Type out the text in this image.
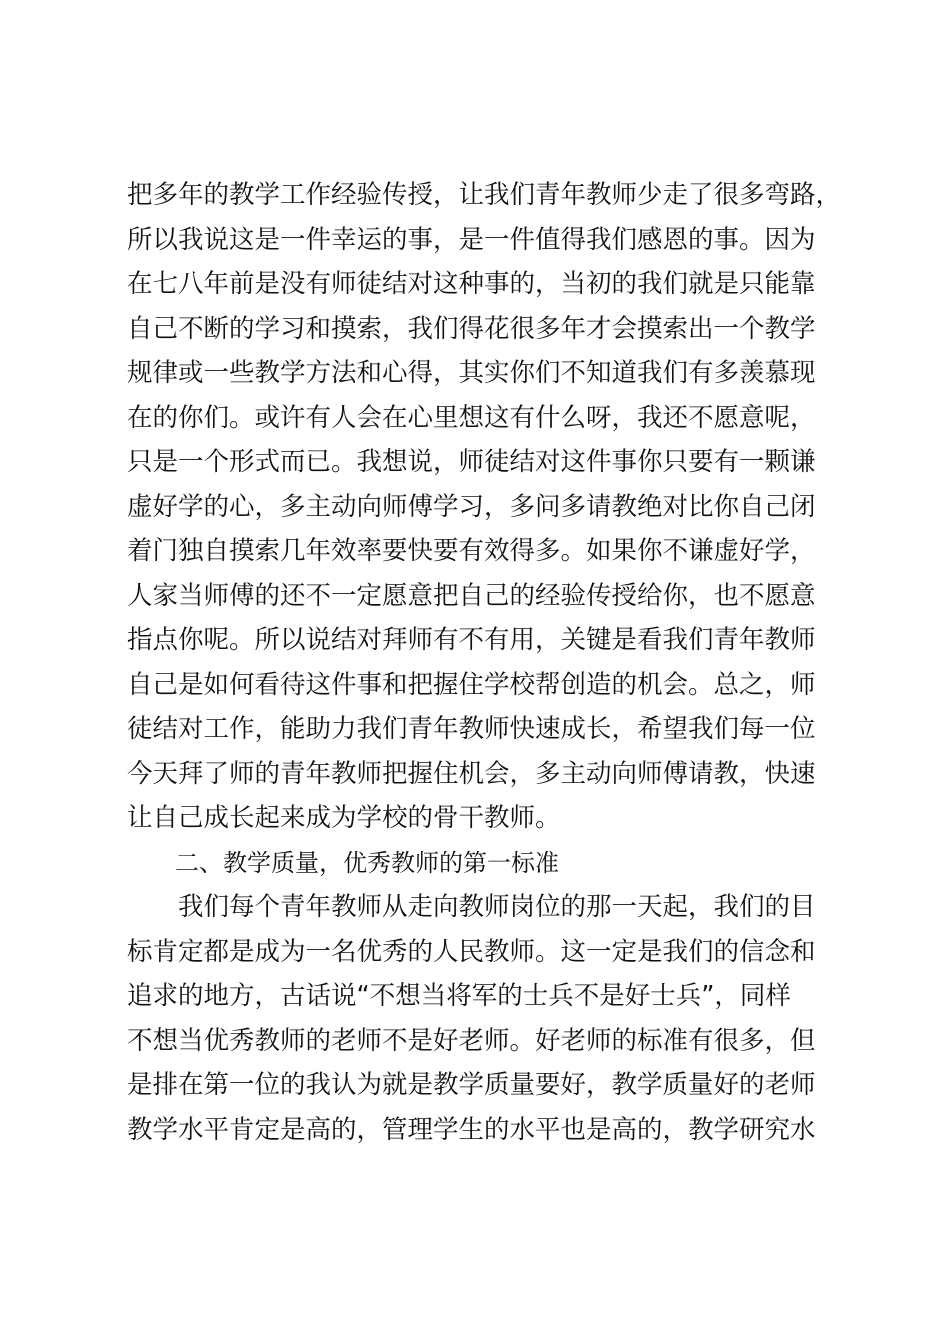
把多年的教学工作经验传授，让我们青年教师少走了很多弯路，
所以我说这是一件幸运的事，是一件值得我们感恩的事。因为
在七八年前是没有师徒结对这种事的，当初的我们就是只能靠
自己不断的学习和摸索，我们得花很多年才会摸索出一个教学
规律或一些教学方法和心得，其实你们不知道我们有多羡慕现
在的你们。或许有人会在心里想这有什么呀，我还不愿意呢，
只是一个形式而已。我想说，师徒结对这件事你只要有一颗谦
虚好学的心，多主动向师傅学习，多问多请教绝对比你自己闭
着门独自摸索几年效率要快要有效得多。如果你不谦虚好学，
人家当师傅的还不一定愿意把自己的经验传授给你，也不愿意
指点你呢。所以说结对拜师有不有用，关键是看我们青年教师
自己是如何看待这件事和把握住学校帮创造的机会。总之，师
徒结对工作，能助力我们青年教师快速成长，希望我们每一位
今天拜了师的青年教师把握住机会，多主动向师傅请教，快速
让自己成长起来成为学校的骨干教师。
　　二、教学质量，优秀教师的第一标准
　　我们每个青年教师从走向教师岗位的那一天起，我们的目
标肯定都是成为一名优秀的人民教师。这一定是我们的信念和
追求的地方，古话说“不想当将军的士兵不是好士兵”，同样
不想当优秀教师的老师不是好老师。好老师的标准有很多，但
是排在第一位的我认为就是教学质量要好，教学质量好的老师
教学水平肯定是高的，管理学生的水平也是高的，教学研究水
